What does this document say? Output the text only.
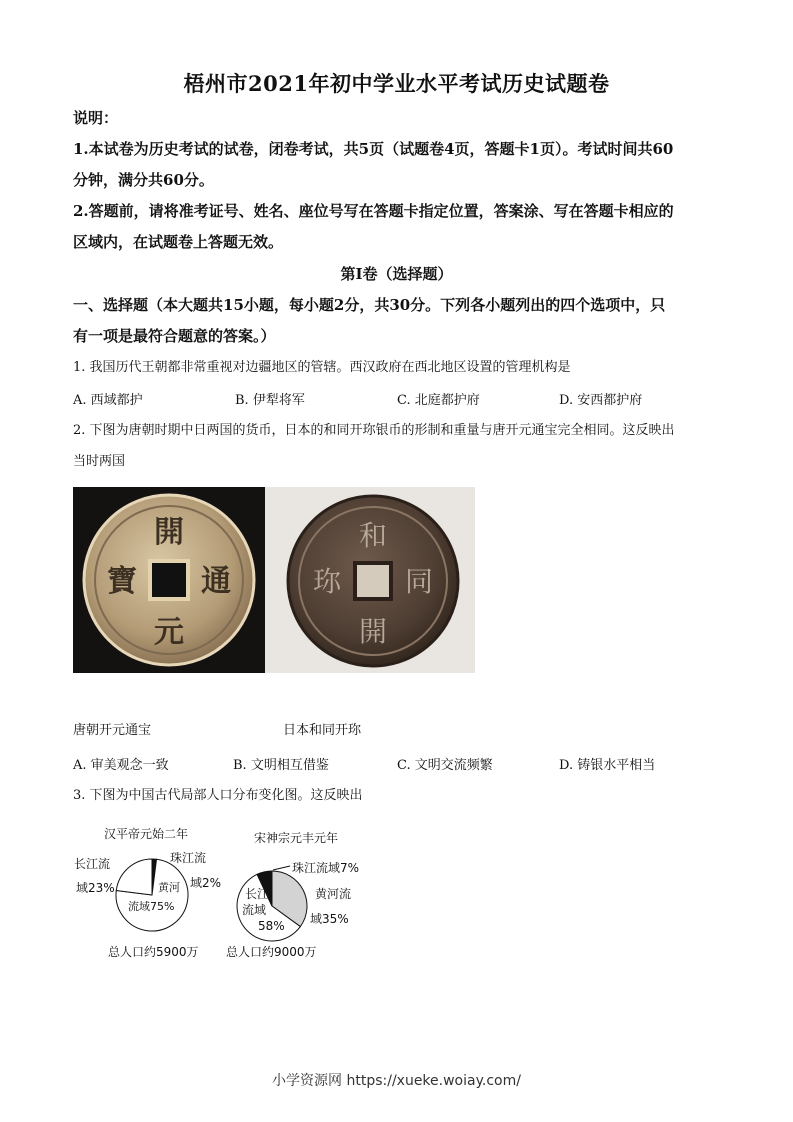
梧州市2021年初中学业水平考试历史试题卷
说明：
1.本试卷为历史考试的试卷，闭卷考试，共5页（试题卷4页，答题卡1页）。考试时间共60
分钟，满分共60分。
2.答题前，请将准考证号、姓名、座位号写在答题卡指定位置，答案涂、写在答题卡相应的
区域内，在试题卷上答题无效。
第Ⅰ卷（选择题）
一、选择题（本大题共15小题，每小题2分，共30分。下列各小题列出的四个选项中，只
有一项是最符合题意的答案。）
1. 我国历代王朝都非常重视对边疆地区的管辖。西汉政府在西北地区设置的管理机构是
A. 西域都护	B. 伊犁将军	C. 北庭都护府	D. 安西都护府
2. 下图为唐朝时期中日两国的货币，日本的和同开珎银币的形制和重量与唐开元通宝完全相同。这反映出
当时两国
開
通
元
寶
和
同
開
珎
唐朝开元通宝	日本和同开珎
A. 审美观念一致	B. 文明相互借鉴	C. 文明交流频繁	D. 铸银水平相当
3. 下图为中国古代局部人口分布变化图。这反映出
汉平帝元始二年
长江流
域23%
珠江流
域2%
黄河
流域75%
总人口约5900万
宋神宗元丰元年
珠江流域7%
黄河流
域35%
长江
流域
58%
总人口约9000万
小学资源网 https://xueke.woiay.com/
